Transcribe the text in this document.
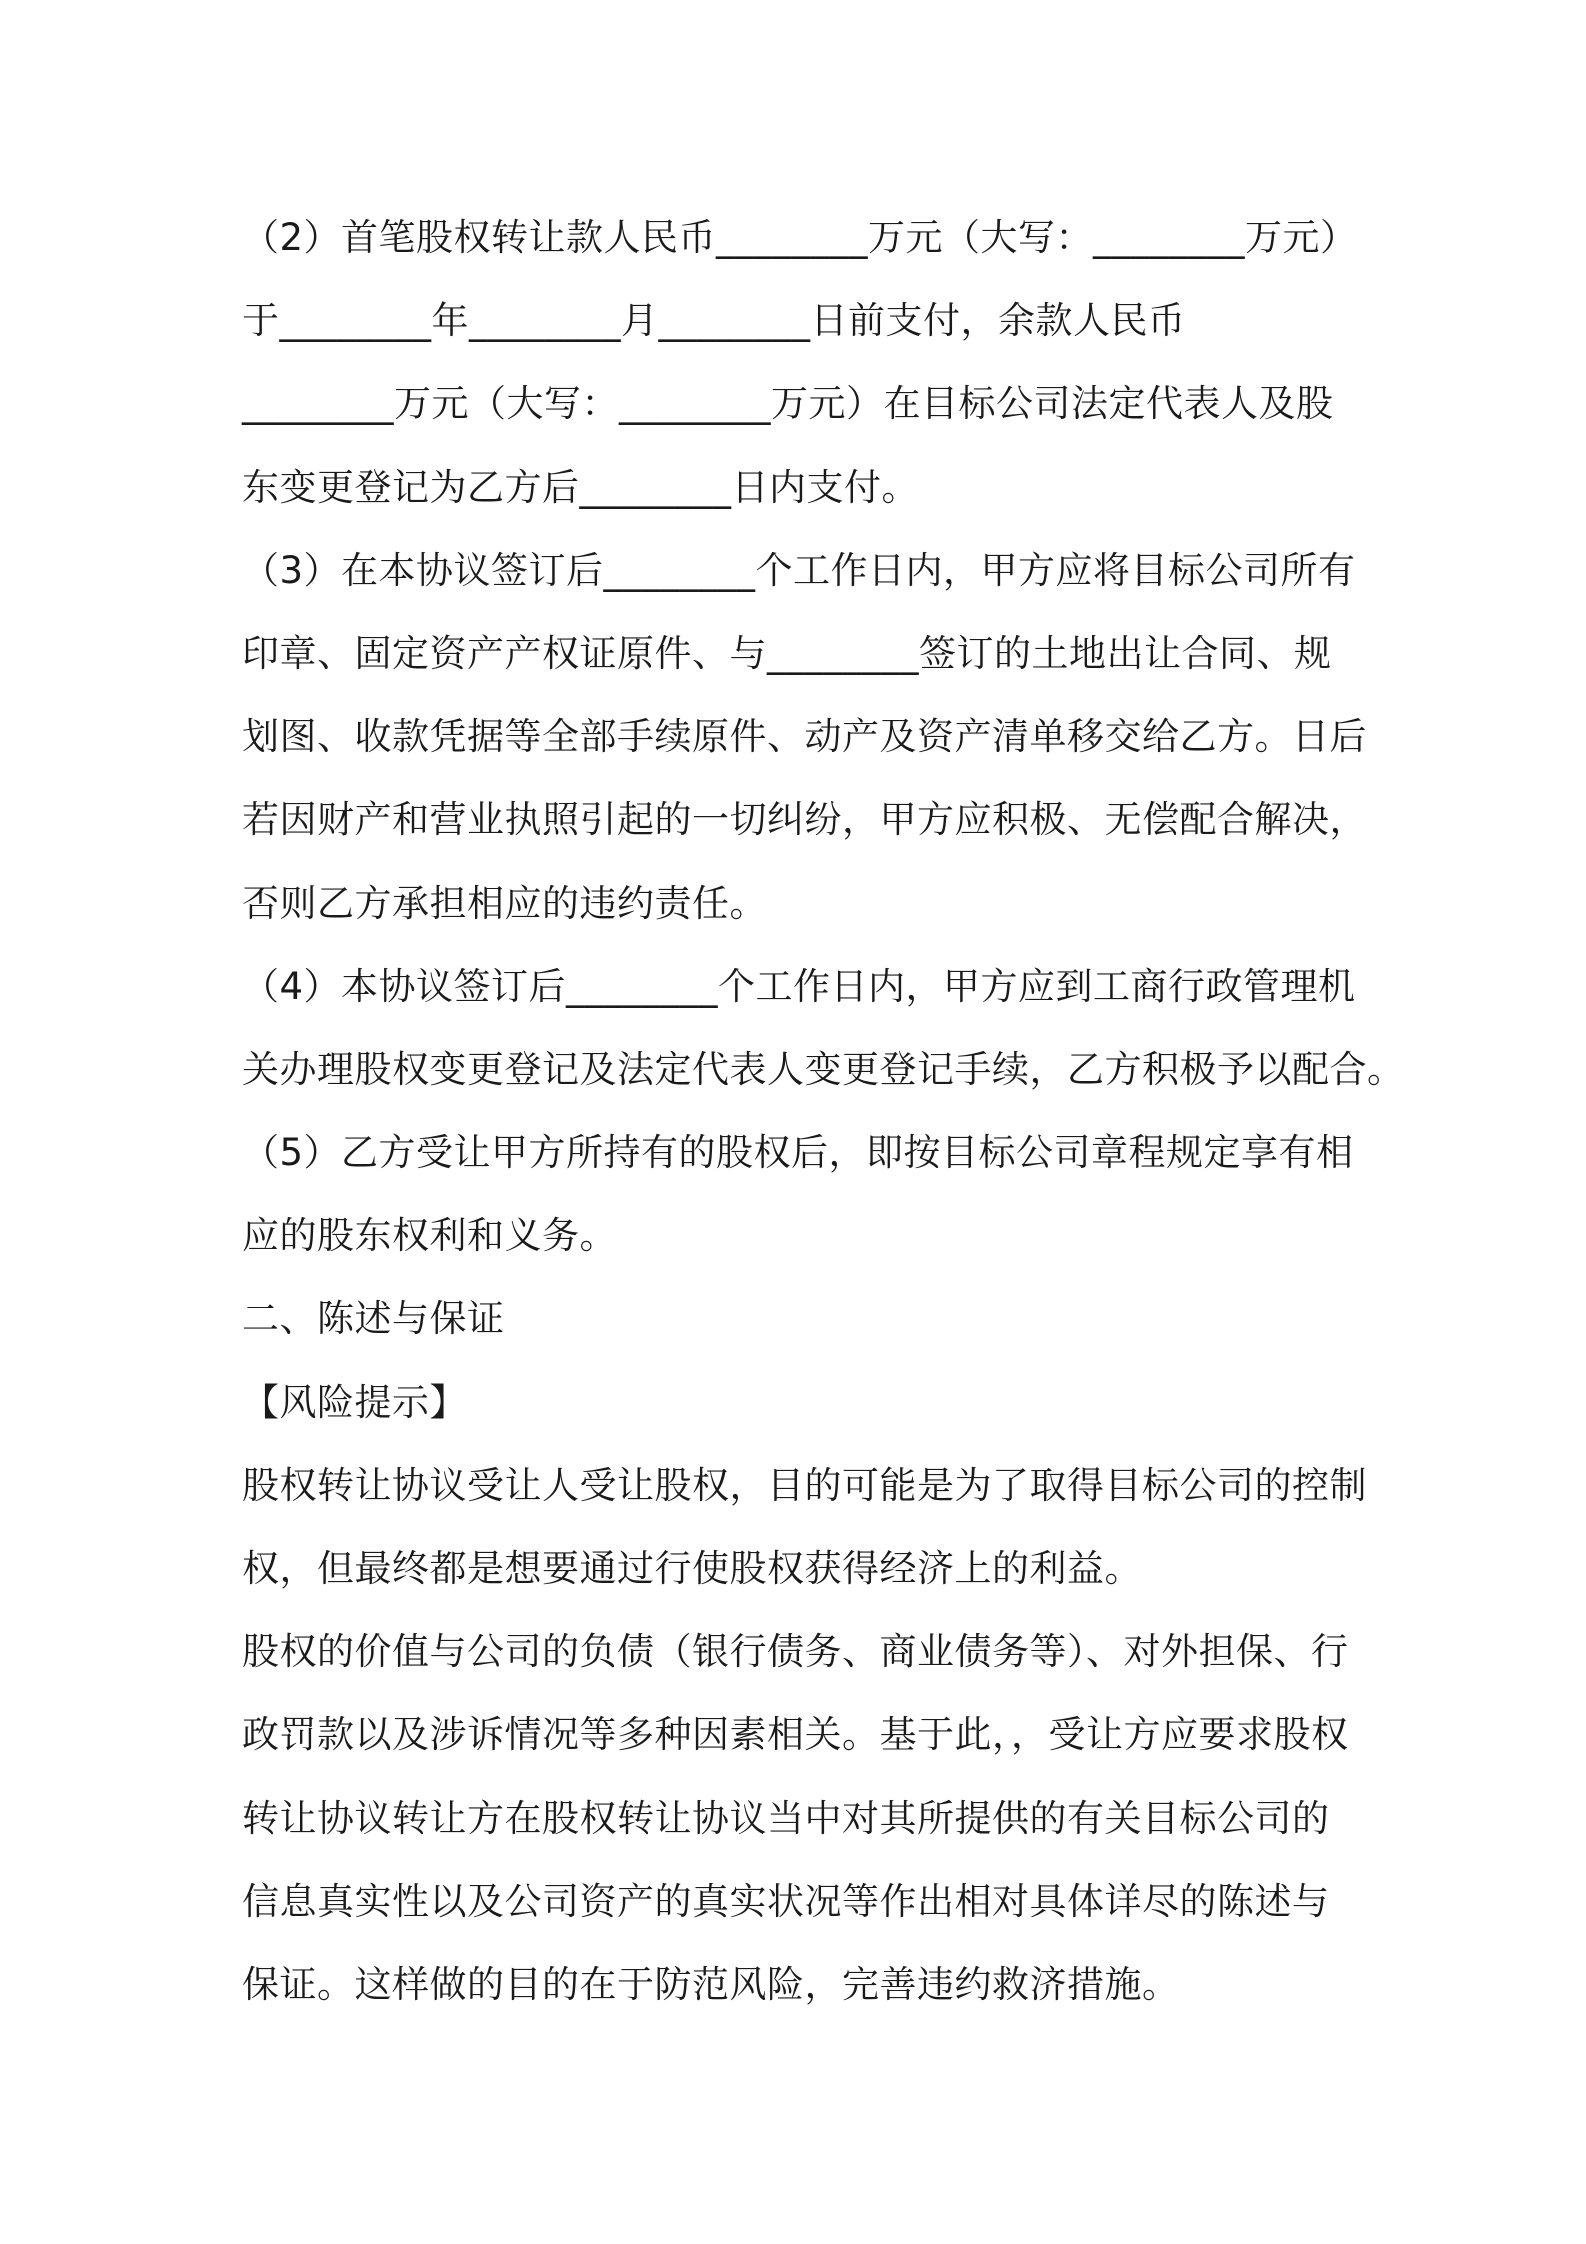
（2）首笔股权转让款人民币________万元（大写：________万元）
于________年________月________日前支付，余款人民币
________万元（大写：________万元）在目标公司法定代表人及股
东变更登记为乙方后________日内支付。
（3）在本协议签订后________个工作日内，甲方应将目标公司所有
印章、固定资产产权证原件、与________签订的土地出让合同、规
划图、收款凭据等全部手续原件、动产及资产清单移交给乙方。日后
若因财产和营业执照引起的一切纠纷，甲方应积极、无偿配合解决，
否则乙方承担相应的违约责任。
（4）本协议签订后________个工作日内，甲方应到工商行政管理机
关办理股权变更登记及法定代表人变更登记手续，乙方积极予以配合。
（5）乙方受让甲方所持有的股权后，即按目标公司章程规定享有相
应的股东权利和义务。
二、陈述与保证
【风险提示】
股权转让协议受让人受让股权，目的可能是为了取得目标公司的控制
权，但最终都是想要通过行使股权获得经济上的利益。
股权的价值与公司的负债（银行债务、商业债务等）、对外担保、行
政罚款以及涉诉情况等多种因素相关。基于此，，受让方应要求股权
转让协议转让方在股权转让协议当中对其所提供的有关目标公司的
信息真实性以及公司资产的真实状况等作出相对具体详尽的陈述与
保证。这样做的目的在于防范风险，完善违约救济措施。
